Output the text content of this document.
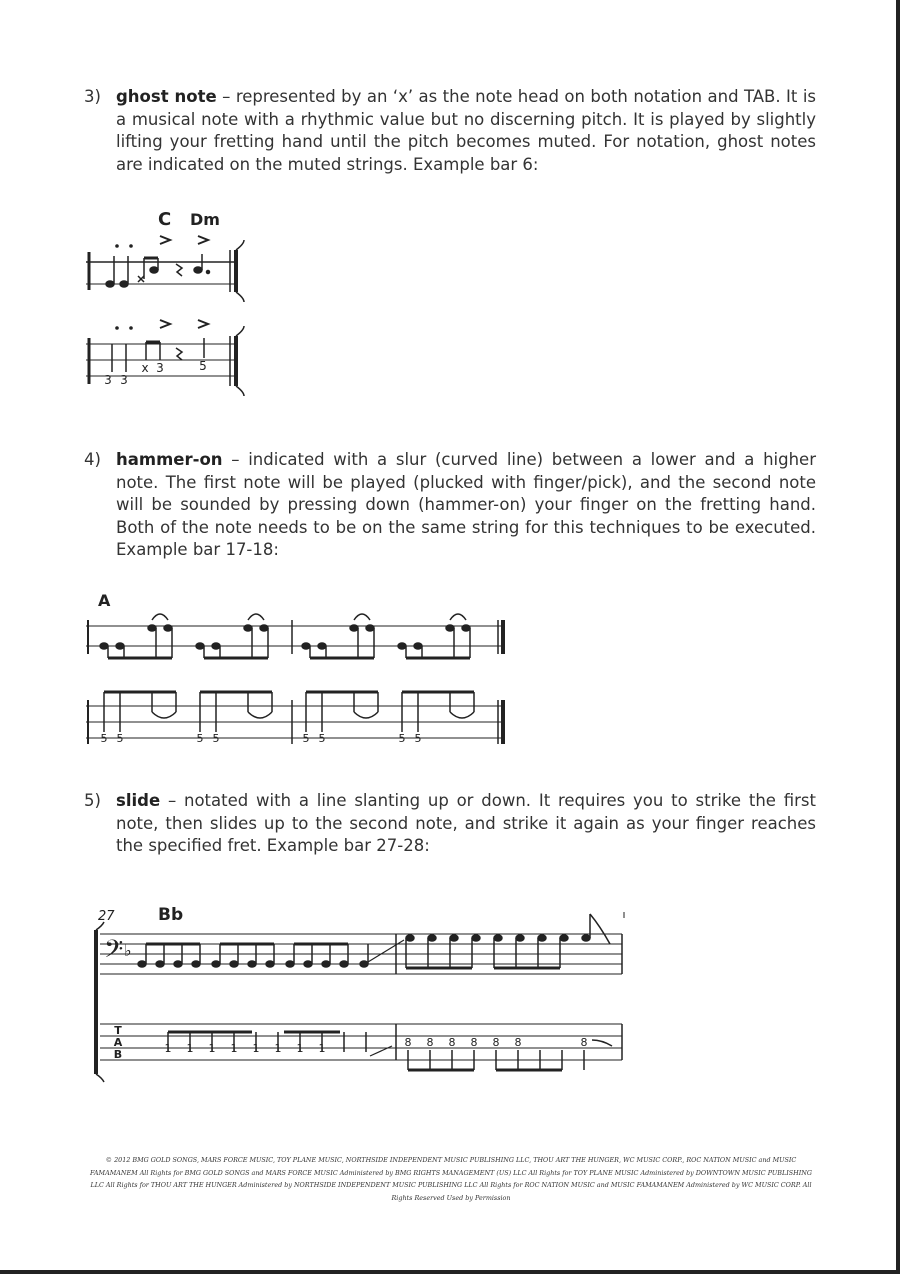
3) ghost note – represented by an ‘x’ as the note head on both notation and TAB. It is a musical note with a rhythmic value but no discerning pitch. It is played by slightly lifting your fretting hand until the pitch becomes muted. For notation, ghost notes are indicated on the muted strings. Example bar 6:
4) hammer-on – indicated with a slur (curved line) between a lower and a higher note. The first note will be played (plucked with finger/pick), and the second note will be sounded by pressing down (hammer-on) your finger on the fretting hand. Both of the note needs to be on the same string for this techniques to be executed. Example bar 17-18:
5) slide – notated with a line slanting up or down. It requires you to strike the first note, then slides up to the second note, and strike it again as your finger reaches the specified fret. Example bar 27-28:
C Dm
3 3
x 3	5
A
5 5	5 5	5 5	5 5
27	Bb
𝄢 ♭
T
A
B	1 1 1 1 1 1 1 1	8 8 8 8 8 8	8
© 2012 BMG GOLD SONGS, MARS FORCE MUSIC, TOY PLANE MUSIC, NORTHSIDE INDEPENDENT MUSIC PUBLISHING LLC, THOU ART THE HUNGER, WC MUSIC CORP., ROC NATION MUSIC and MUSIC FAMAMANEM All Rights for BMG GOLD SONGS and MARS FORCE MUSIC Administered by BMG RIGHTS MANAGEMENT (US) LLC All Rights for TOY PLANE MUSIC Administered by DOWNTOWN MUSIC PUBLISHING LLC All Rights for THOU ART THE HUNGER Administered by NORTHSIDE INDEPENDENT MUSIC PUBLISHING LLC All Rights for ROC NATION MUSIC and MUSIC FAMAMANEM Administered by WC MUSIC CORP. All Rights Reserved Used by Permission
